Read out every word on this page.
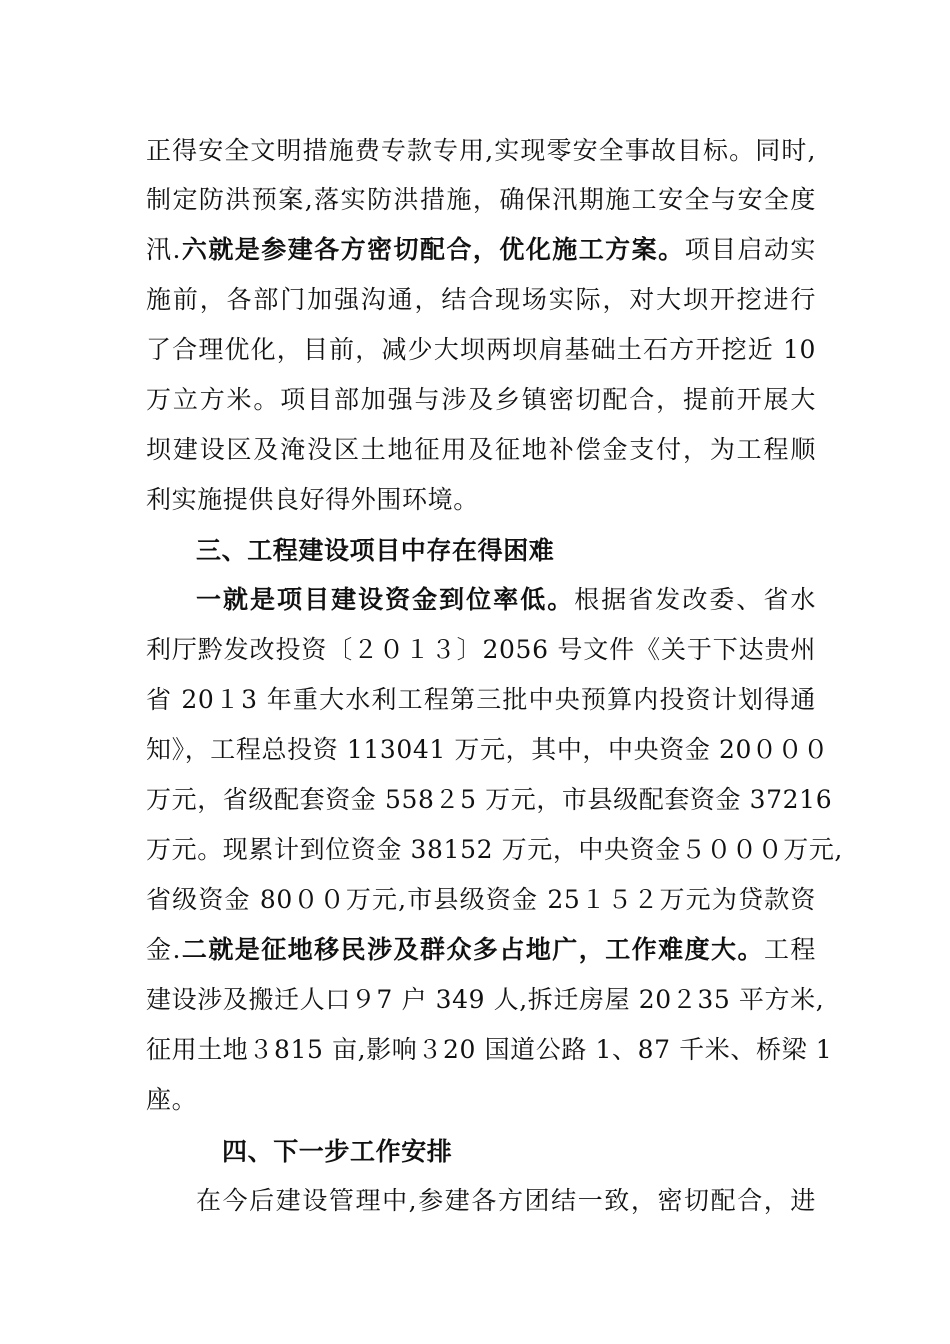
正得安全文明措施费专款专用,实现零安全事故目标。同时,
制定防洪预案,落实防洪措施，确保汛期施工安全与安全度
汛.六就是参建各方密切配合，优化施工方案。项目启动实
施前，各部门加强沟通，结合现场实际，对大坝开挖进行
了合理优化，目前，减少大坝两坝肩基础土石方开挖近 10
万立方米。项目部加强与涉及乡镇密切配合，提前开展大
坝建设区及淹没区土地征用及征地补偿金支付，为工程顺
利实施提供良好得外围环境。
三、工程建设项目中存在得困难
一就是项目建设资金到位率低。根据省发改委、省水
利厅黔发改投资〔２０１３〕2056 号文件《关于下达贵州
省 20１3 年重大水利工程第三批中央预算内投资计划得通
知》，工程总投资 113041 万元，其中，中央资金 20０００
万元，省级配套资金 558２5 万元，市县级配套资金 37216
万元。现累计到位资金 38152 万元，中央资金５０００万元,
省级资金 80００万元,市县级资金 25１５２万元为贷款资
金.二就是征地移民涉及群众多占地广，工作难度大。工程
建设涉及搬迁人口９7 户 349 人,拆迁房屋 20２35 平方米,
征用土地３815 亩,影响３20 国道公路 1、87 千米、桥梁 1
座。
四、下一步工作安排
在今后建设管理中,参建各方团结一致，密切配合，进
